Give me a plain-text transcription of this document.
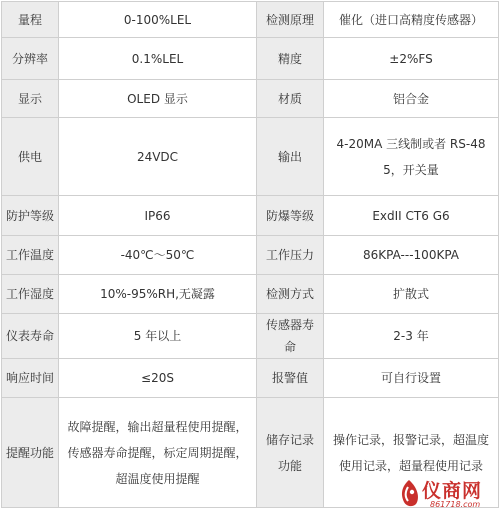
量程	0-100%LEL	检测原理	催化（进口高精度传感器）
分辨率	0.1%LEL	精度	±2%FS
显示	OLED 显示	材质	铝合金
供电	24VDC	输出	4-20MA 三线制或者 RS-485，开关量
防护等级	IP66	防爆等级	ExdII CT6 G6
工作温度	-40℃～50℃	工作压力	86KPA---100KPA
工作湿度	10%-95%RH,无凝露	检测方式	扩散式
仪表寿命	5 年以上	传感器寿命	2-3 年
响应时间	≤20S	报警值	可自行设置
提醒功能	故障提醒，输出超量程使用提醒，传感器寿命提醒，标定周期提醒，超温度使用提醒	储存记录功能	操作记录，报警记录，超温度使用记录，超量程使用记录
仪商网
861718.com
